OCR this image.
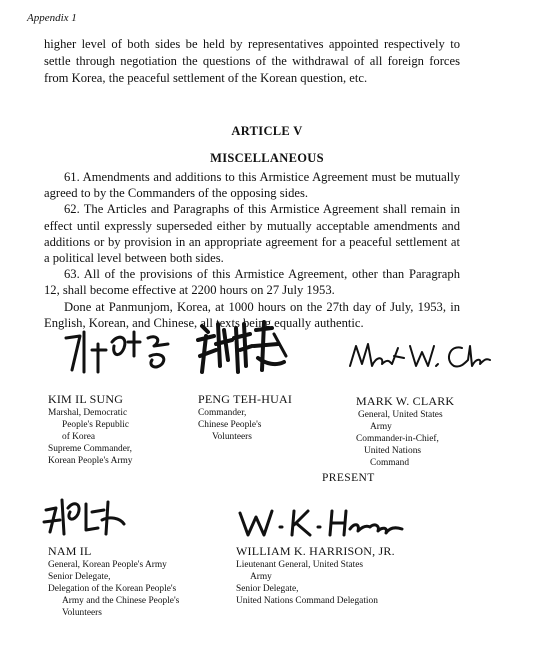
Appendix 1
higher level of both sides be held by representatives appointed respectively to settle through negotiation the questions of the withdrawal of all foreign forces from Korea, the peaceful settlement of the Korean question, etc.
ARTICLE V
MISCELLANEOUS

61. Amendments and additions to this Armistice Agreement must be mutually agreed to by the Commanders of the opposing sides.

62. The Articles and Paragraphs of this Armistice Agreement shall remain in effect until expressly superseded either by mutually acceptable amendments and additions or by provision in an appropriate agreement for a peaceful settlement at a political level between both sides.

63. All of the provisions of this Armistice Agreement, other than Paragraph 12, shall become effective at 2200 hours on 27 July 1953.

Done at Panmunjom, Korea, at 1000 hours on the 27th day of July, 1953, in English, Korean, and Chinese, all texts being equally authentic.

KIM IL SUNG
Marshal, Democratic
People's Republic
of Korea
Supreme Commander,
Korean People's Army
PENG TEH-HUAI
Commander,
Chinese People's
Volunteers
MARK W. CLARK
General, United States
Army
Commander-in-Chief,
United Nations
Command
PRESENT
NAM IL
General, Korean People's Army
Senior Delegate,
Delegation of the Korean People's
Army and the Chinese People's
Volunteers
WILLIAM K. HARRISON, JR.
Lieutenant General, United States
Army
Senior Delegate,
United Nations Command Delegation
